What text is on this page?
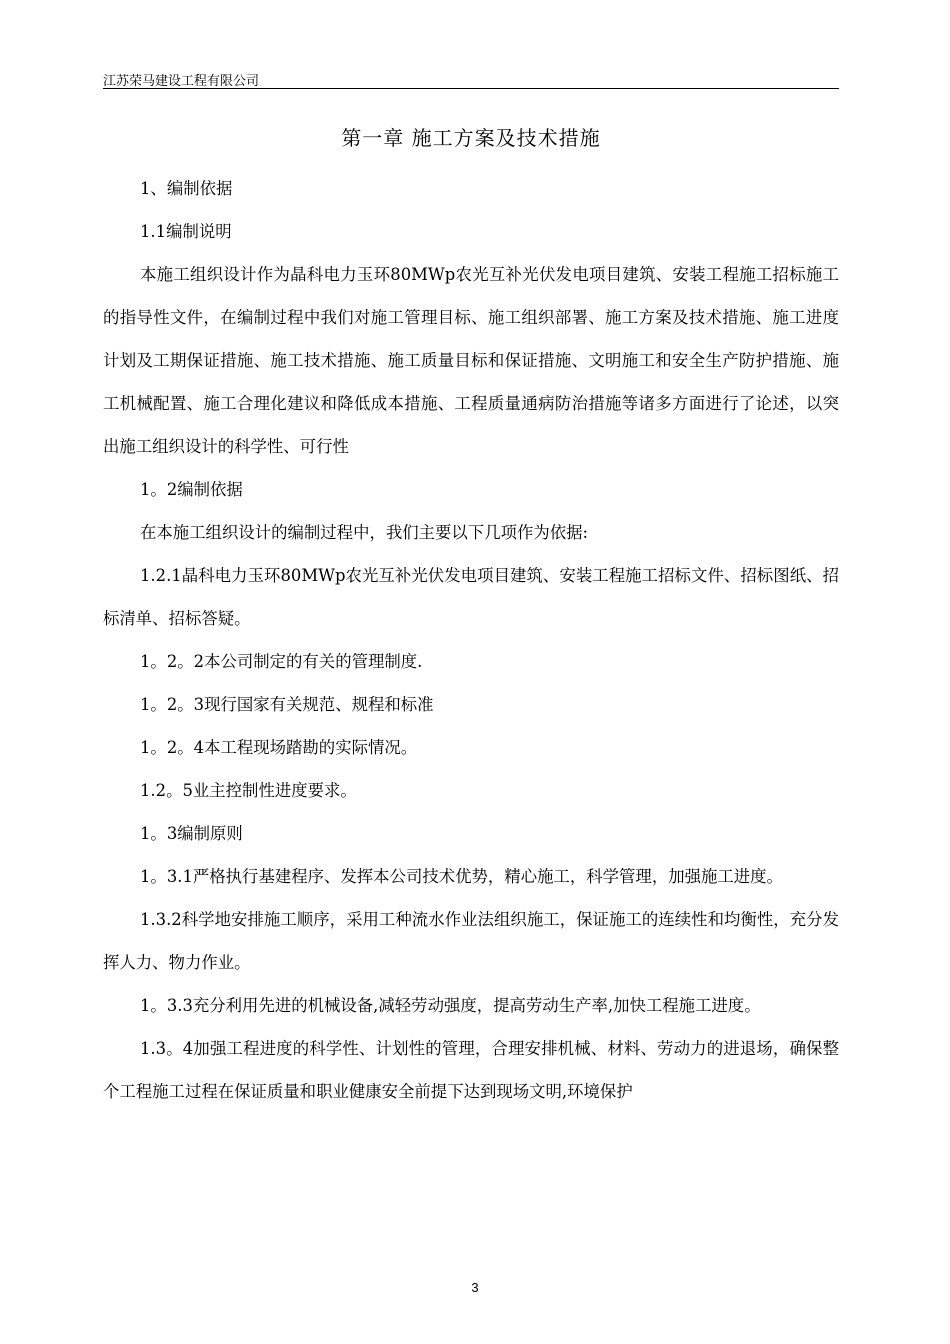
江苏荣马建设工程有限公司
第一章 施工方案及技术措施

1、编制依据

1.1编制说明

本施工组织设计作为晶科电力玉环80MWp农光互补光伏发电项目建筑、安装工程施工招标施工的指导性文件，在编制过程中我们对施工管理目标、施工组织部署、施工方案及技术措施、施工进度计划及工期保证措施、施工技术措施、施工质量目标和保证措施、文明施工和安全生产防护措施、施工机械配置、施工合理化建议和降低成本措施、工程质量通病防治措施等诸多方面进行了论述，以突出施工组织设计的科学性、可行性

1。2编制依据

在本施工组织设计的编制过程中，我们主要以下几项作为依据:

1.2.1晶科电力玉环80MWp农光互补光伏发电项目建筑、安装工程施工招标文件、招标图纸、招标清单、招标答疑。

1。2。2本公司制定的有关的管理制度.

1。2。3现行国家有关规范、规程和标准

1。2。4本工程现场踏勘的实际情况。

1.2。5业主控制性进度要求。

1。3编制原则

1。3.1严格执行基建程序、发挥本公司技术优势，精心施工，科学管理，加强施工进度。

1.3.2科学地安排施工顺序，采用工种流水作业法组织施工，保证施工的连续性和均衡性，充分发挥人力、物力作业。

1。3.3充分利用先进的机械设备,减轻劳动强度，提高劳动生产率,加快工程施工进度。

1.3。4加强工程进度的科学性、计划性的管理，合理安排机械、材料、劳动力的进退场，确保整个工程施工过程在保证质量和职业健康安全前提下达到现场文明,环境保护

3
